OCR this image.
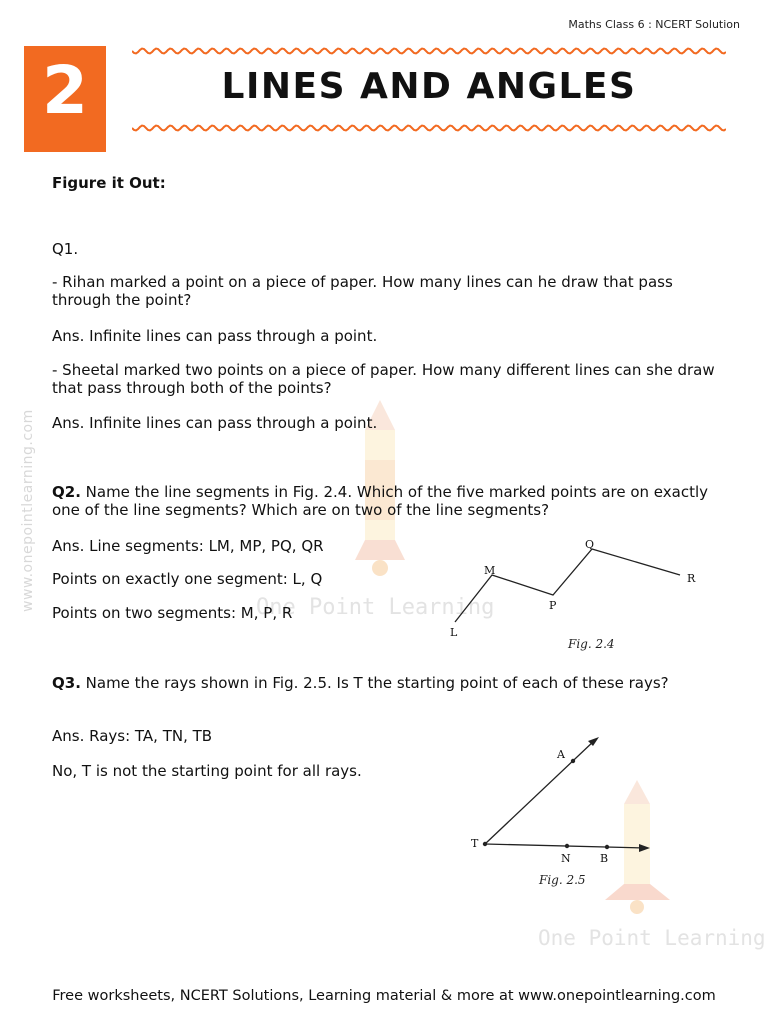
Maths Class 6 : NCERT Solution
2	LINES AND ANGLES
www.onepointlearning.com	One Point Learning
One Point Learning
Figure it Out:
Q1.
- Rihan marked a point on a piece of paper. How many lines can he draw that pass through the point?
Ans. Infinite lines can pass through a point.
- Sheetal marked two points on a piece of paper. How many different lines can she draw that pass through both of the points?
Ans. Infinite lines can pass through a point.
Q2. Name the line segments in Fig. 2.4. Which of the five marked points are on exactly one of the line segments? Which are on two of the line segments?
Ans. Line segments: LM, MP, PQ, QR
Points on exactly one segment: L, Q
Points on two segments: M, P, R
L
M
P
Q
R
Fig. 2.4
Q3. Name the rays shown in Fig. 2.5. Is T the starting point of each of these rays?
Ans. Rays: TA, TN, TB
No, T is not the starting point for all rays.
A
T
N	B
Fig. 2.5
Free worksheets, NCERT Solutions, Learning material & more at www.onepointlearning.com
